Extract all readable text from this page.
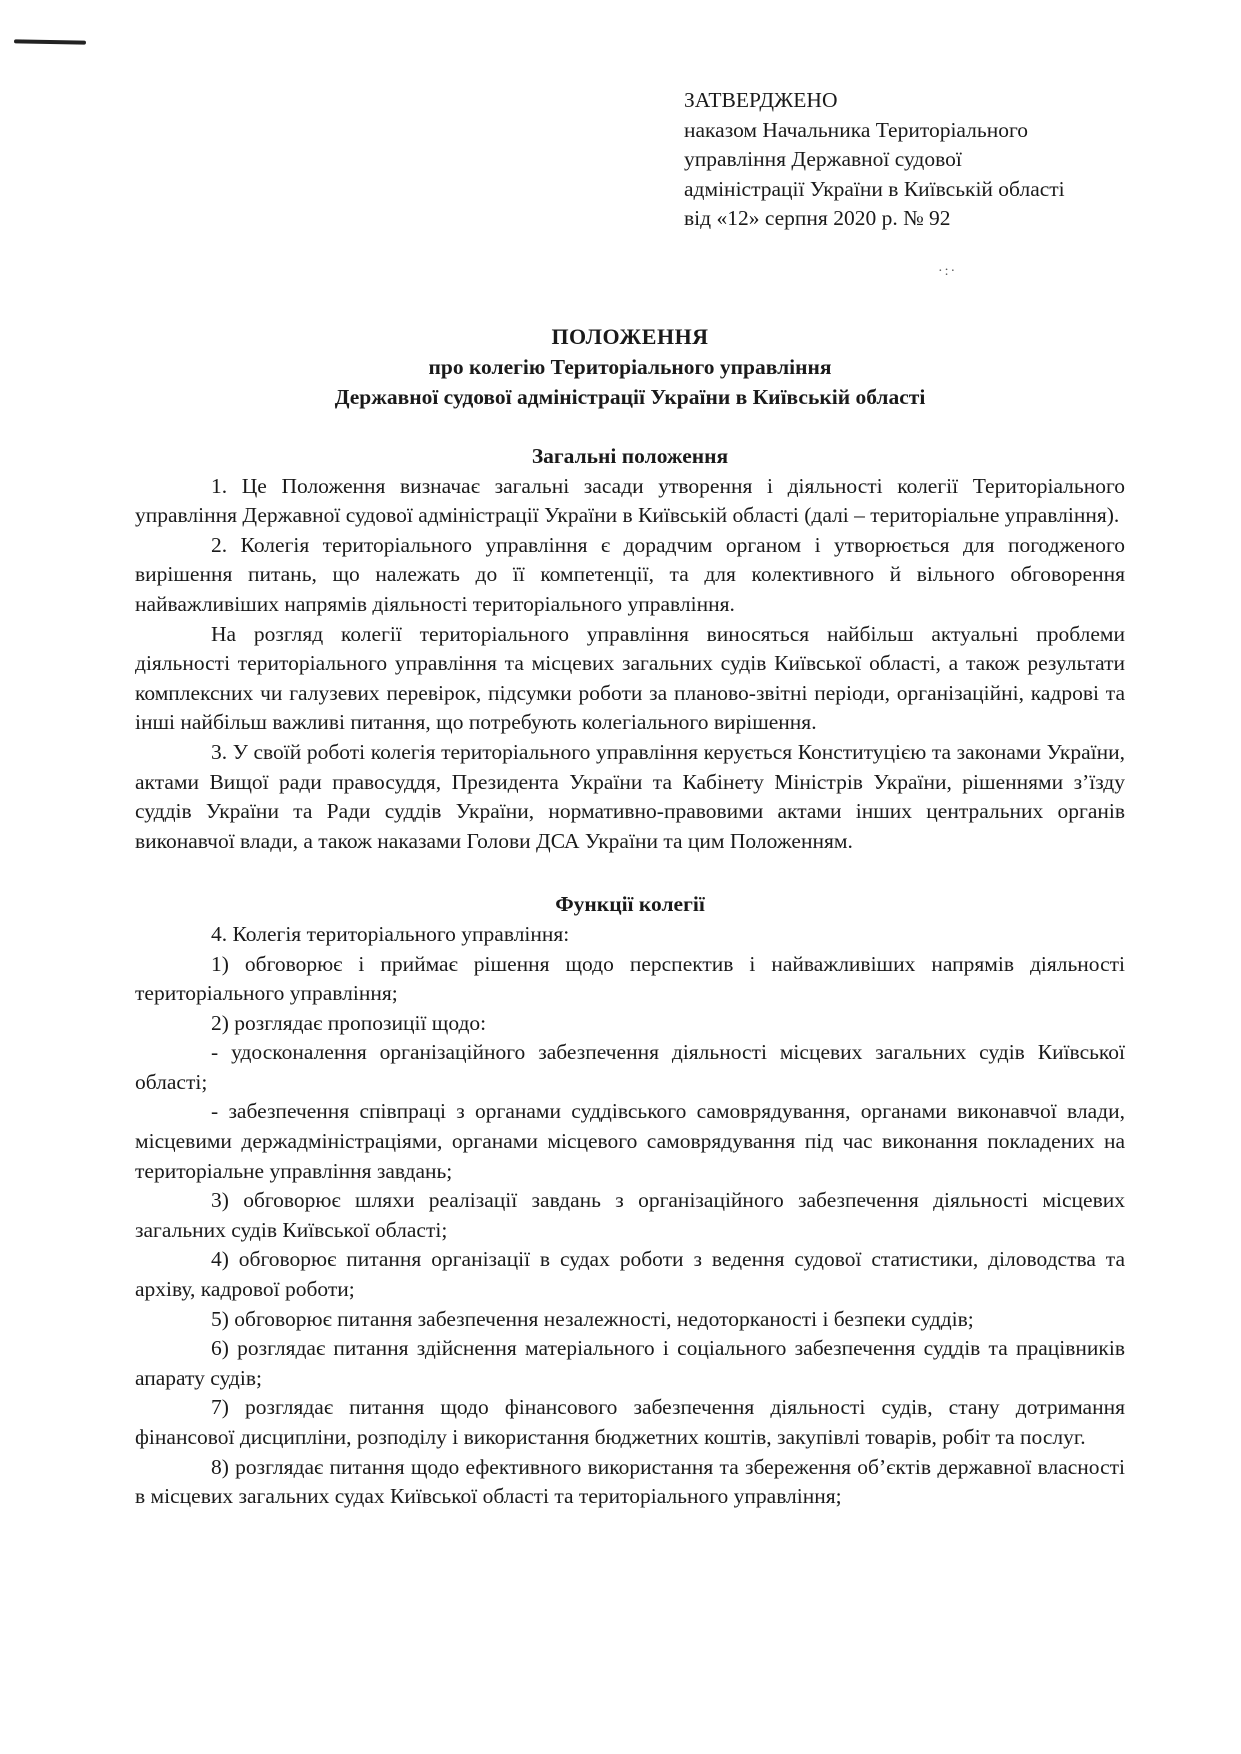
ЗАТВЕРДЖЕНО
наказом Начальника Територіального
управління Державної судової
адміністрації України в Київській області
від «12» серпня 2020 р. № 92
·:·
ПОЛОЖЕННЯ
про колегію Територіального управління
Державної судової адміністрації України в Київській області
Загальні положення

1. Це Положення визначає загальні засади утворення і діяльності колегії Територіального управління Державної судової адміністрації України в Київській області (далі – територіальне управління).

2. Колегія територіального управління є дорадчим органом і утворюється для погодженого вирішення питань, що належать до її компетенції, та для колективного й вільного обговорення найважливіших напрямів діяльності територіального управління.

На розгляд колегії територіального управління виносяться найбільш актуальні проблеми діяльності територіального управління та місцевих загальних судів Київської області, а також результати комплексних чи галузевих перевірок, підсумки роботи за планово-звітні періоди, організаційні, кадрові та інші найбільш важливі питання, що потребують колегіального вирішення.

3. У своїй роботі колегія територіального управління керується Конституцією та законами України, актами Вищої ради правосуддя, Президента України та Кабінету Міністрів України, рішеннями з’їзду суддів України та Ради суддів України, нормативно-правовими актами інших центральних органів виконавчої влади, а також наказами Голови ДСА України та цим Положенням.

Функції колегії

4. Колегія територіального управління:

1) обговорює і приймає рішення щодо перспектив і найважливіших напрямів діяльності територіального управління;

2) розглядає пропозиції щодо:

- удосконалення організаційного забезпечення діяльності місцевих загальних судів Київської області;

- забезпечення співпраці з органами суддівського самоврядування, органами виконавчої влади, місцевими держадміністраціями, органами місцевого самоврядування під час виконання покладених на територіальне управління завдань;

3) обговорює шляхи реалізації завдань з організаційного забезпечення діяльності місцевих загальних судів Київської області;

4) обговорює питання організації в судах роботи з ведення судової статистики, діловодства та архіву, кадрової роботи;

5) обговорює питання забезпечення незалежності, недоторканості і безпеки суддів;

6) розглядає питання здійснення матеріального і соціального забезпечення суддів та працівників апарату судів;

7) розглядає питання щодо фінансового забезпечення діяльності судів, стану дотримання фінансової дисципліни, розподілу і використання бюджетних коштів, закупівлі товарів, робіт та послуг.

8) розглядає питання щодо ефективного використання та збереження об’єктів державної власності в місцевих загальних судах Київської області та територіального управління;
